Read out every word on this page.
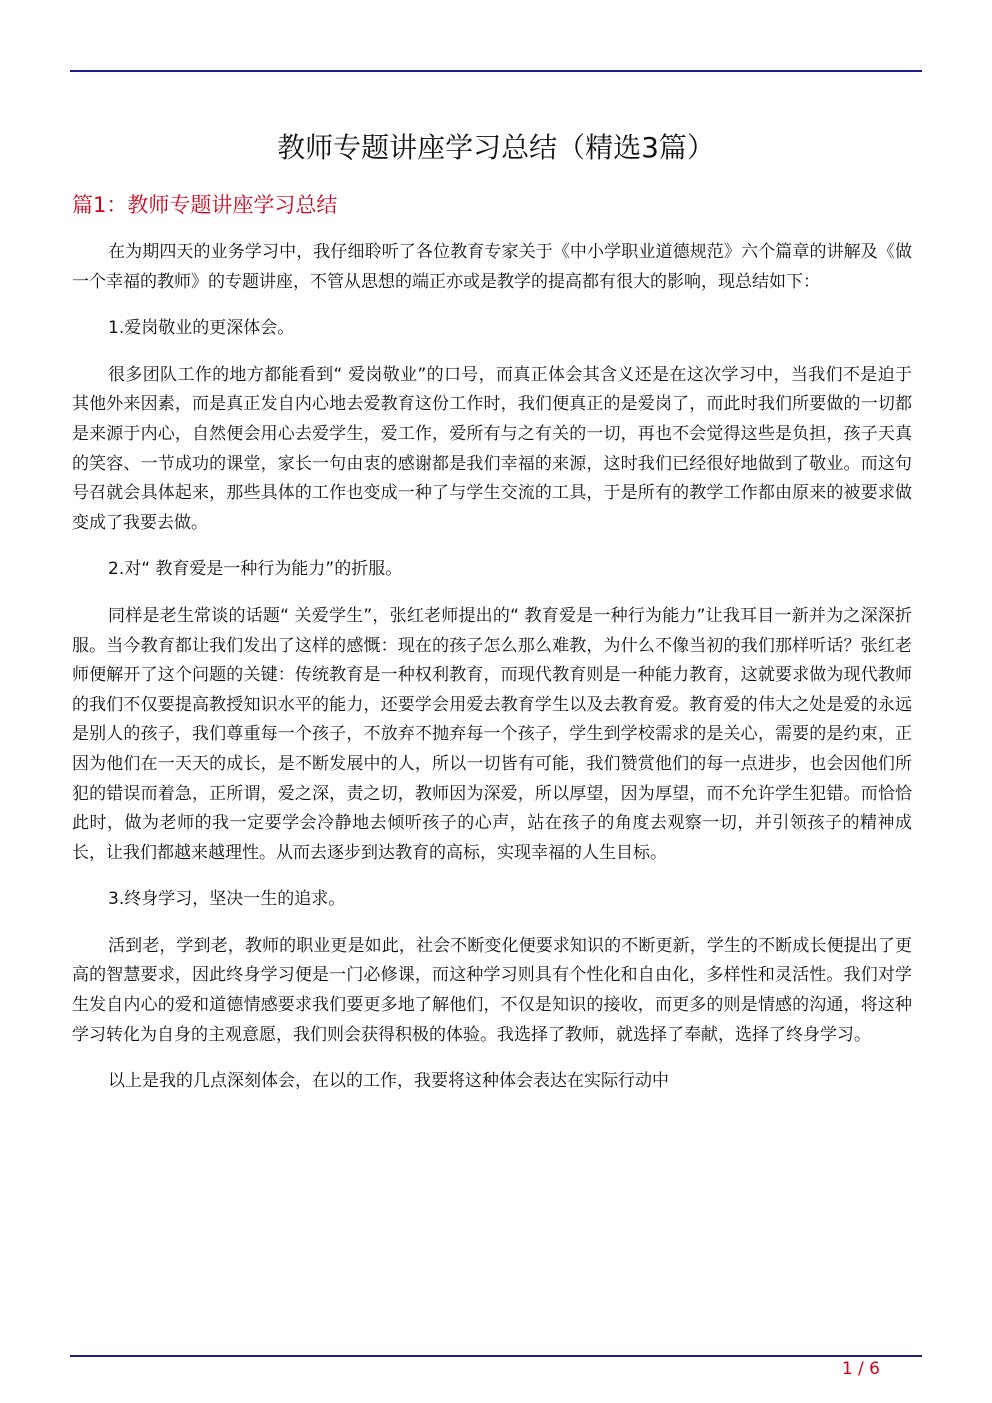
教师专题讲座学习总结（精选3篇）
篇1：教师专题讲座学习总结

在为期四天的业务学习中，我仔细聆听了各位教育专家关于《中小学职业道德规范》六个篇章的讲解及《做一个幸福的教师》的专题讲座，不管从思想的端正亦或是教学的提高都有很大的影响，现总结如下：

1.爱岗敬业的更深体会。

很多团队工作的地方都能看到“ 爱岗敬业”的口号，而真正体会其含义还是在这次学习中，当我们不是迫于其他外来因素，而是真正发自内心地去爱教育这份工作时，我们便真正的是爱岗了，而此时我们所要做的一切都是来源于内心，自然便会用心去爱学生，爱工作，爱所有与之有关的一切，再也不会觉得这些是负担，孩子天真的笑容、一节成功的课堂，家长一句由衷的感谢都是我们幸福的来源，这时我们已经很好地做到了敬业。而这句号召就会具体起来，那些具体的工作也变成一种了与学生交流的工具，于是所有的教学工作都由原来的被要求做变成了我要去做。

2.对“ 教育爱是一种行为能力”的折服。

同样是老生常谈的话题“ 关爱学生”，张红老师提出的“ 教育爱是一种行为能力”让我耳目一新并为之深深折服。当今教育都让我们发出了这样的感慨：现在的孩子怎么那么难教，为什么不像当初的我们那样听话？张红老师便解开了这个问题的关键：传统教育是一种权利教育，而现代教育则是一种能力教育，这就要求做为现代教师的我们不仅要提高教授知识水平的能力，还要学会用爱去教育学生以及去教育爱。教育爱的伟大之处是爱的永远是别人的孩子，我们尊重每一个孩子，不放弃不抛弃每一个孩子，学生到学校需求的是关心，需要的是约束，正因为他们在一天天的成长，是不断发展中的人，所以一切皆有可能，我们赞赏他们的每一点进步，也会因他们所犯的错误而着急，正所谓，爱之深，责之切，教师因为深爱，所以厚望，因为厚望，而不允许学生犯错。而恰恰此时，做为老师的我一定要学会冷静地去倾听孩子的心声，站在孩子的角度去观察一切，并引领孩子的精神成长，让我们都越来越理性。从而去逐步到达教育的高标，实现幸福的人生目标。

3.终身学习，坚决一生的追求。

活到老，学到老，教师的职业更是如此，社会不断变化便要求知识的不断更新，学生的不断成长便提出了更高的智慧要求，因此终身学习便是一门必修课，而这种学习则具有个性化和自由化，多样性和灵活性。我们对学生发自内心的爱和道德情感要求我们要更多地了解他们，不仅是知识的接收，而更多的则是情感的沟通，将这种学习转化为自身的主观意愿，我们则会获得积极的体验。我选择了教师，就选择了奉献，选择了终身学习。

以上是我的几点深刻体会，在以的工作，我要将这种体会表达在实际行动中

1 / 6
